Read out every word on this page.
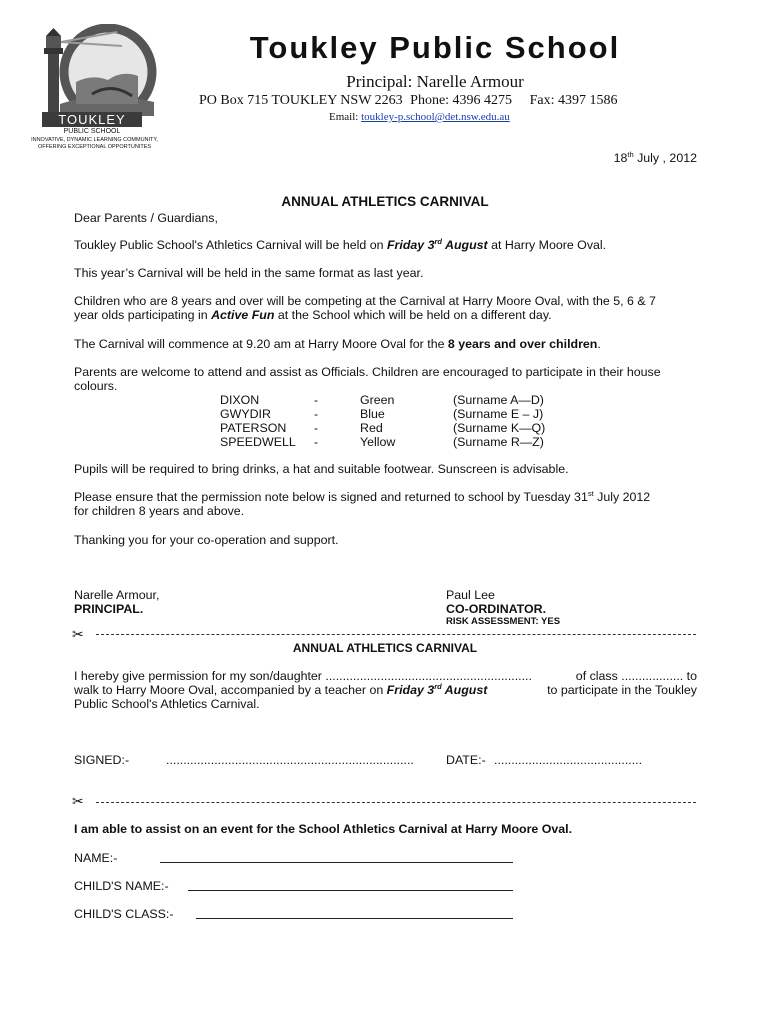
TOUKLEY
PUBLIC SCHOOL
INNOVATIVE, DYNAMIC LEARNING COMMUNITY,
OFFERING EXCEPTIONAL OPPORTUNITES
Toukley Public School
Principal: Narelle Armour
PO Box 715 TOUKLEY NSW 2263 Phone: 4396 4275 Fax: 4397 1586
Email: toukley-p.school@det.nsw.edu.au
18th July , 2012
ANNUAL ATHLETICS CARNIVAL
Dear Parents / Guardians,
Toukley Public School's Athletics Carnival will be held on Friday 3rd August at Harry Moore Oval.
This year’s Carnival will be held in the same format as last year.
Children who are 8 years and over will be competing at the Carnival at Harry Moore Oval, with the 5, 6 & 7
year olds participating in Active Fun at the School which will be held on a different day.
The Carnival will commence at 9.20 am at Harry Moore Oval for the 8 years and over children.
Parents are welcome to attend and assist as Officials. Children are encouraged to participate in their house
colours.
DIXON	-	Green	(Surname A—D)
GWYDIR	-	Blue	(Surname E – J)
PATERSON -	Red	(Surname K—Q)
SPEEDWELL -	Yellow	(Surname R—Z)
Pupils will be required to bring drinks, a hat and suitable footwear. Sunscreen is advisable.
Please ensure that the permission note below is signed and returned to school by Tuesday 31st July 2012
for children 8 years and above.
Thanking you for your co-operation and support.
Narelle Armour,
PRINCIPAL.
Paul Lee
CO-ORDINATOR.
RISK ASSESSMENT: YES
✂
ANNUAL ATHLETICS CARNIVAL
I hereby give permission for my son/daughter ............................................................	of class .................. to
walk to Harry Moore Oval, accompanied by a teacher on Friday 3rd August	to participate in the Toukley
Public School's Athletics Carnival.
SIGNED:-	........................................................................	DATE:- ...........................................
✂
I am able to assist on an event for the School Athletics Carnival at Harry Moore Oval.
NAME:-
CHILD'S NAME:-
CHILD'S CLASS:-
